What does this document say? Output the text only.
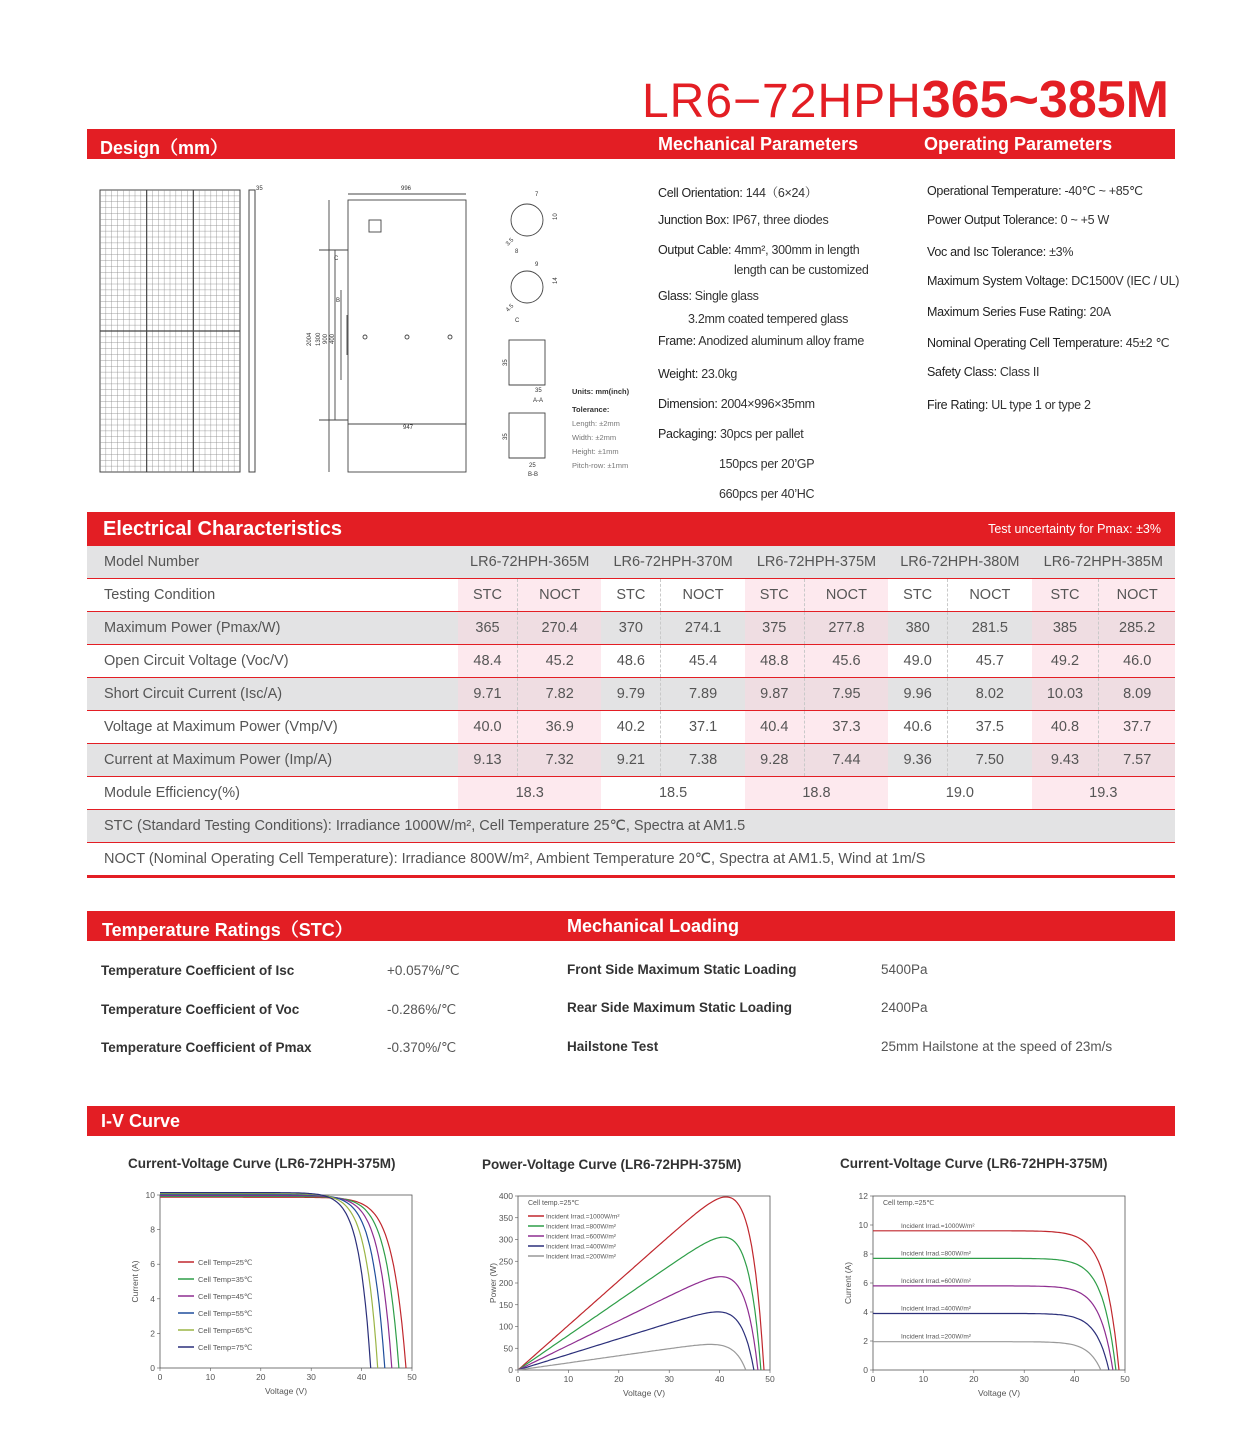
LR6−72HPH365~385M
Design（mm）	Mechanical Parameters	Operating Parameters
35	996
947
2004 1300 900 400
C
B
7
10
3.5
8
9
14
4.5
C
35
35
A-A
35
25
B-B
Units: mm(inch)
Tolerance:
Length: ±2mm
Width: ±2mm
Height: ±1mm
Pitch-row: ±1mm
Cell Orientation: 144（6×24）
Junction Box: IP67, three diodes
Output Cable: 4mm², 300mm in length
length can be customized
Glass: Single glass
3.2mm coated tempered glass
Frame: Anodized aluminum alloy frame
Weight: 23.0kg
Dimension: 2004×996×35mm
Packaging: 30pcs per pallet
150pcs per 20’GP
660pcs per 40’HC
Operational Temperature: -40℃ ~ +85℃
Power Output Tolerance: 0 ~ +5 W
Voc and Isc Tolerance: ±3%
Maximum System Voltage: DC1500V (IEC / UL)
Maximum Series Fuse Rating: 20A
Nominal Operating Cell Temperature: 45±2 ℃
Safety Class: Class II
Fire Rating: UL type 1 or type 2
Electrical Characteristics	Test uncertainty for Pmax: ±3%
Model Number	LR6-72HPH-365M		LR6-72HPH-370M		LR6-72HPH-375M		LR6-72HPH-380M		LR6-72HPH-385M	
Testing Condition	STC	NOCT	STC	NOCT	STC	NOCT	STC	NOCT	STC	NOCT
Maximum Power (Pmax/W)	365	270.4	370	274.1	375	277.8	380	281.5	385	285.2
Open Circuit Voltage (Voc/V)	48.4	45.2	48.6	45.4	48.8	45.6	49.0	45.7	49.2	46.0
Short Circuit Current (Isc/A)	9.71	7.82	9.79	7.89	9.87	7.95	9.96	8.02	10.03	8.09
Voltage at Maximum Power (Vmp/V)	40.0	36.9	40.2	37.1	40.4	37.3	40.6	37.5	40.8	37.7
Current at Maximum Power (Imp/A)	9.13	7.32	9.21	7.38	9.28	7.44	9.36	7.50	9.43	7.57
Module Efficiency(%)	18.3		18.5		18.8		19.0		19.3	
STC (Standard Testing Conditions): Irradiance 1000W/m², Cell Temperature 25℃, Spectra at AM1.5										
NOCT (Nominal Operating Cell Temperature): Irradiance 800W/m², Ambient Temperature 20℃, Spectra at AM1.5, Wind at 1m/S										
Temperature Ratings（STC）	Mechanical Loading
Temperature Coefficient of Isc	+0.057%/℃
Temperature Coefficient of Voc	-0.286%/℃
Temperature Coefficient of Pmax	-0.370%/℃
Front Side Maximum Static Loading	5400Pa
Rear Side Maximum Static Loading	2400Pa
Hailstone Test	25mm Hailstone at the speed of 23m/s
I-V Curve
Current-Voltage Curve (LR6-72HPH-375M)	Power-Voltage Curve (LR6-72HPH-375M)	Current-Voltage Curve (LR6-72HPH-375M)
0	10	20	30	40	50
0
2
4
6
8
10
Voltage (V)
Current (A)	Cell Temp=25℃
Cell Temp=35℃
Cell Temp=45℃
Cell Temp=55℃
Cell Temp=65℃
Cell Temp=75℃
0	10	20	30	40	50
0
50
100
150
200
250
300
350
400
Voltage (V)
Power (W)
Cell temp.=25℃
Incident Irrad.=1000W/m²
Incident Irrad.=800W/m²
Incident Irrad.=600W/m²
Incident Irrad.=400W/m²
Incident Irrad.=200W/m²
0	10	20	30	40	50
0
2
4
6
8
10
12
Voltage (V)
Current (A)
Cell temp.=25℃
Incident Irrad.=1000W/m²
Incident Irrad.=800W/m²
Incident Irrad.=600W/m²
Incident Irrad.=400W/m²
Incident Irrad.=200W/m²
